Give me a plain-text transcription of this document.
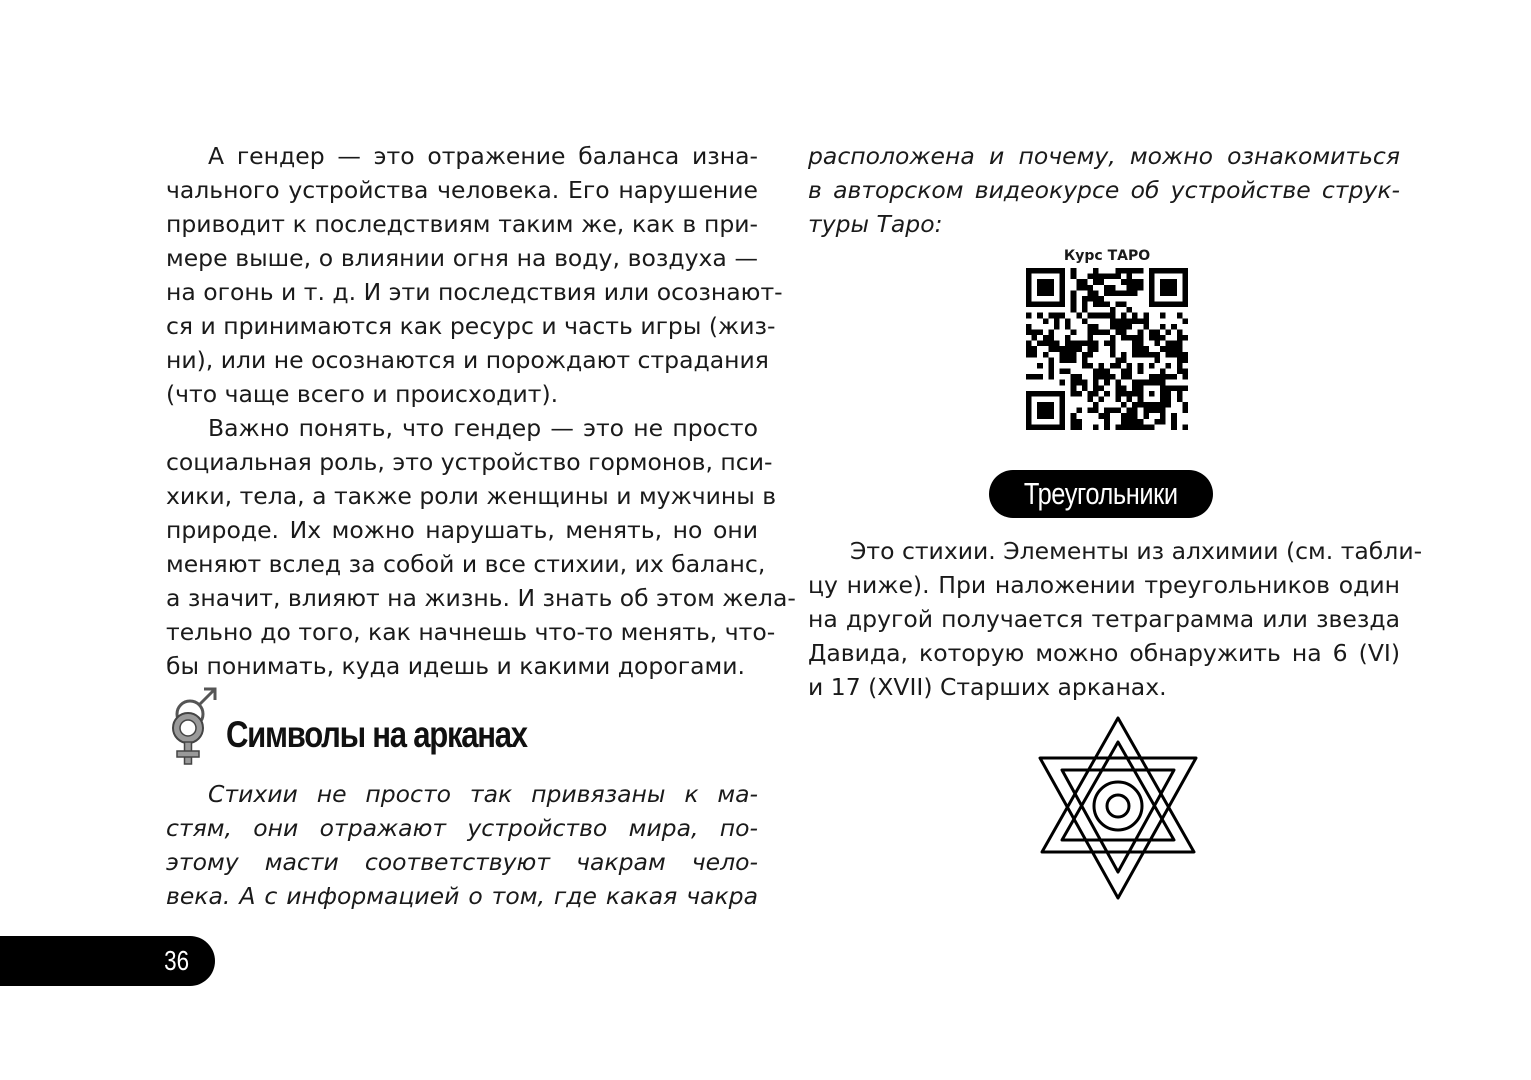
А гендер — это отражение баланса изна-
чального устройства человека. Его нарушение
приводит к последствиям таким же, как в при-
мере выше, о влиянии огня на воду, воздуха —
на огонь и т. д. И эти последствия или осознают-
ся и принимаются как ресурс и часть игры (жиз-
ни), или не осознаются и порождают страдания
(что чаще всего и происходит).

Важно понять, что гендер — это не просто
социальная роль, это устройство гормонов, пси-
хики, тела, а также роли женщины и мужчины в
природе. Их можно нарушать, менять, но они
меняют вслед за собой и все стихии, их баланс,
а значит, влияют на жизнь. И знать об этом жела-
тельно до того, как начнешь что-то менять, что-
бы понимать, куда идешь и какими дорогами.

Символы на арканах
Стихии не просто так привязаны к ма-
стям, они отражают устройство мира, по-
этому масти соответствуют чакрам чело-
века. А с информацией о том, где какая чакра
расположена и почему, можно ознакомиться
в авторском видеокурсе об устройстве струк-
туры Таро:
Курс ТАРО
Треугольники
Это стихии. Элементы из алхимии (см. табли-
цу ниже). При наложении треугольников один
на другой получается тетраграмма или звезда
Давида, которую можно обнаружить на 6 (VI)
и 17 (XVII) Старших арканах.
36
